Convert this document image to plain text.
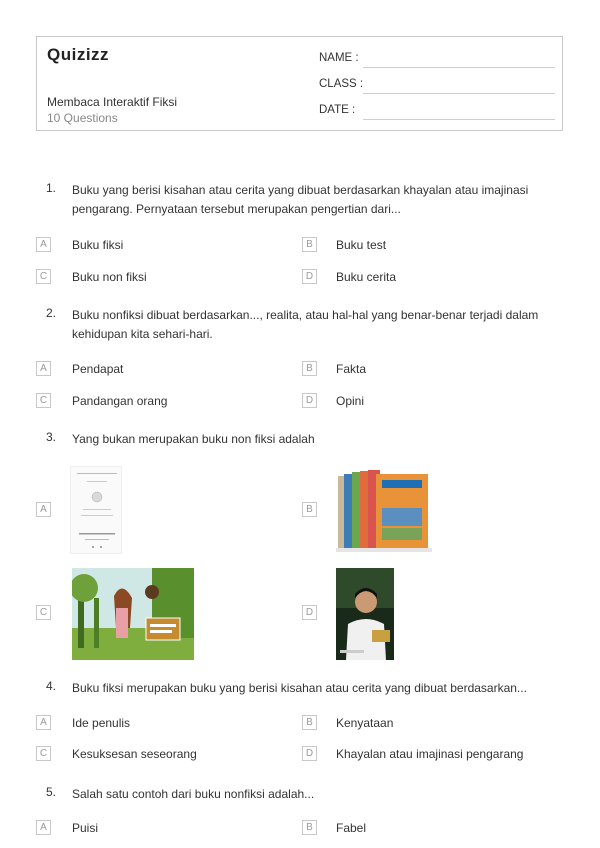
Quizizz
Membaca Interaktif Fiksi
10 Questions
NAME :
CLASS :
DATE :
1. Buku yang berisi kisahan atau cerita yang dibuat berdasarkan khayalan atau imajinasi pengarang. Pernyataan tersebut merupakan pengertian dari...
A	Buku fiksi	B	Buku test
C	Buku non fiksi	D	Buku cerita
2. Buku nonfiksi dibuat berdasarkan..., realita, atau hal-hal yang benar-benar terjadi dalam kehidupan kita sehari-hari.
A	Pendapat	B	Fakta
C	Pandangan orang	D	Opini
3. Yang bukan merupakan buku non fiksi adalah
A	B
C	D
4. Buku fiksi merupakan buku yang berisi kisahan atau cerita yang dibuat berdasarkan...
A	Ide penulis	B	Kenyataan
C	Kesuksesan seseorang	D	Khayalan atau imajinasi pengarang
5. Salah satu contoh dari buku nonfiksi adalah...
A	Puisi	B	Fabel
